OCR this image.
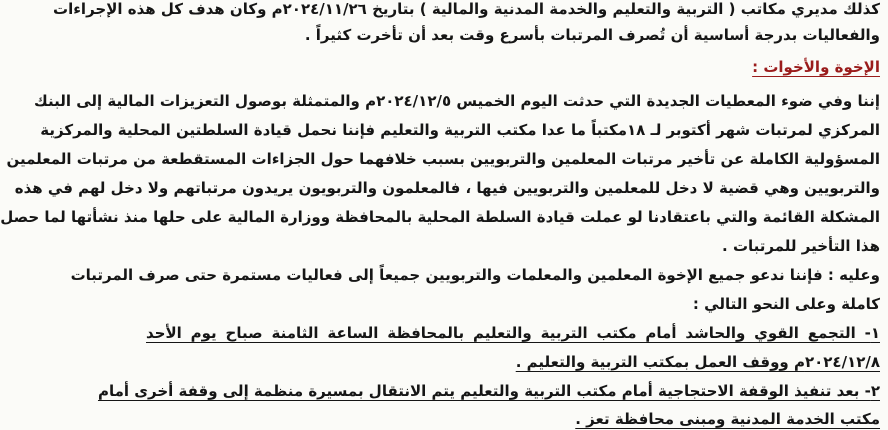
كذلك مديري مكاتب ( التربية والتعليم والخدمة المدنية والمالية ) بتاريخ ٢٠٢٤/١١/٢٦م وكان هدف كل هذه الإجراءات
والفعاليات بدرجة أساسية أن تُصرف المرتبات بأسرع وقت بعد أن تأخرت كثيراً .
الإخوة والأخوات :
إننا وفي ضوء المعطيات الجديدة التي حدثت اليوم الخميس ٢٠٢٤/١٢/٥م والمتمثلة بوصول التعزيزات المالية إلى البنك
المركزي لمرتبات شهر أكتوبر لـ ١٨مكتباً ما عدا مكتب التربية والتعليم فإننا نحمل قيادة السلطتين المحلية والمركزية
المسؤولية الكاملة عن تأخير مرتبات المعلمين والتربويين بسبب خلافهما حول الجزاءات المستقطعة من مرتبات المعلمين
والتربويين وهي قضية لا دخل للمعلمين والتربويين فيها ، فالمعلمون والتربويون يريدون مرتباتهم ولا دخل لهم في هذه
المشكلة القائمة والتي باعتقادنا لو عملت قيادة السلطة المحلية بالمحافظة ووزارة المالية على حلها منذ نشأتها لما حصل
هذا التأخير للمرتبات .
وعليه : فإننا ندعو جميع الإخوة المعلمين والمعلمات والتربويين جميعاً إلى فعاليات مستمرة حتى صرف المرتبات
كاملة وعلى النحو التالي :
١- التجمع القوي والحاشد أمام مكتب التربية والتعليم بالمحافظة الساعة الثامنة صباح يوم الأحد
٢٠٢٤/١٢/٨م ووقف العمل بمكتب التربية والتعليم .
٢- بعد تنفيذ الوقفة الاحتجاجية أمام مكتب التربية والتعليم يتم الانتقال بمسيرة منظمة إلى وقفة أخرى أمام
مكتب الخدمة المدنية ومبنى محافظة تعز .
